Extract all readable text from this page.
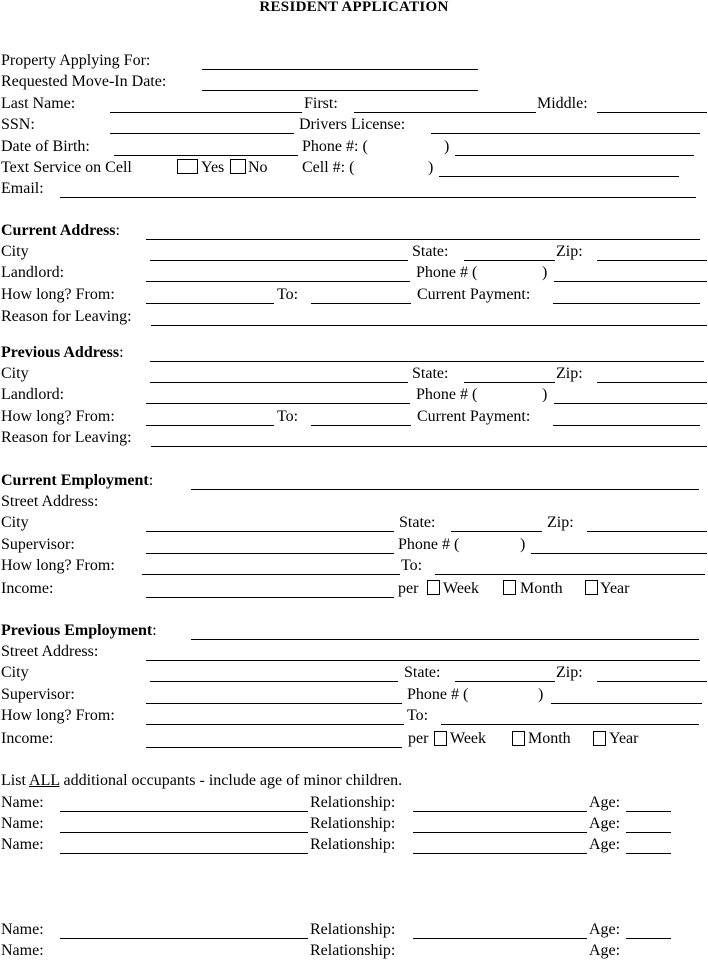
RESIDENT APPLICATION
Property Applying For:
Requested Move-In Date:
Last Name:	First:	Middle:
SSN:	Drivers License:
Date of Birth:	Phone #: (	)
Text Service on Cell	Yes No Cell #: (	)
Email:
Current Address:
City	State:	Zip:
Landlord:	Phone # (	)
How long? From:	To:	Current Payment:
Reason for Leaving:
Previous Address:
City	State:	Zip:
Landlord:	Phone # (	)
How long? From:	To:	Current Payment:
Reason for Leaving:
Current Employment:
Street Address:
City	State:	Zip:
Supervisor:	Phone # (	)
How long? From:	To:
Income:	per Week	Month Year
Previous Employment:
Street Address:
City	State:	Zip:
Supervisor:	Phone # (	)
How long? From:	To:
Income:	per Week	Month Year
List ALL additional occupants - include age of minor children.
Name:	Relationship:	Age:
Name:	Relationship:	Age:
Name:	Relationship:	Age:
Name:	Relationship:	Age:
Name:	Relationship:	Age:
